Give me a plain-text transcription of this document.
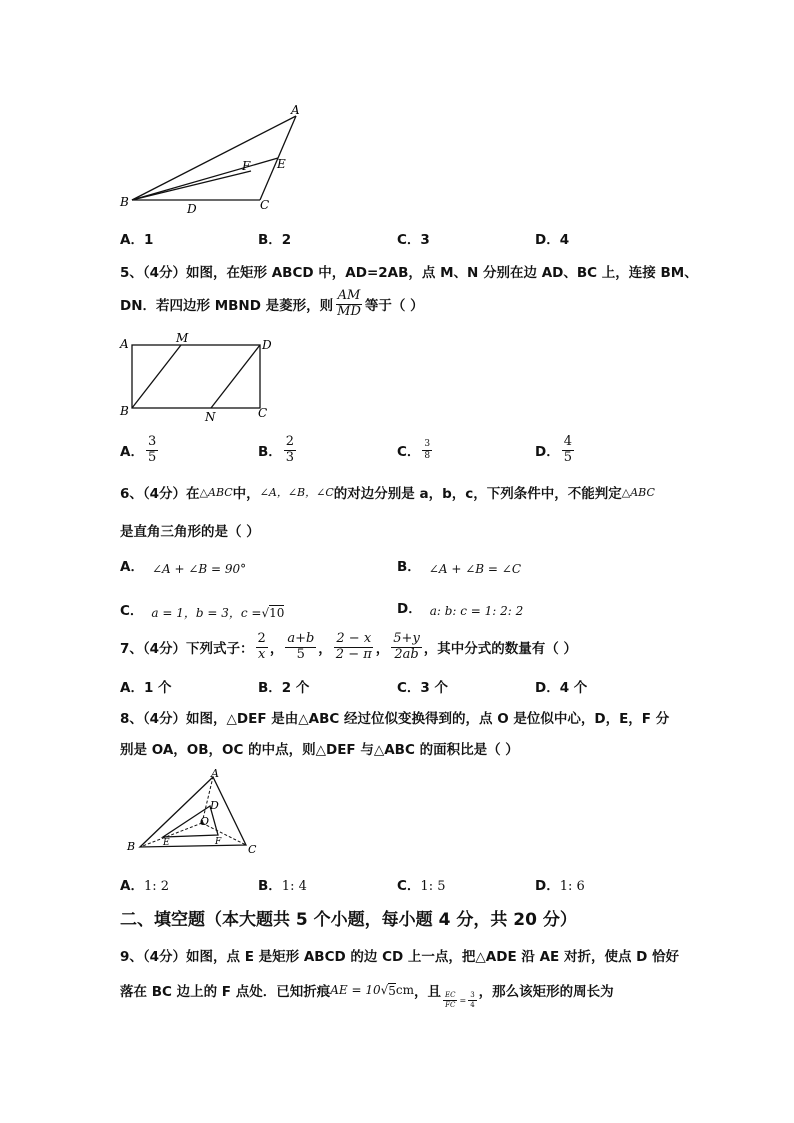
A
B	C
D
E
F
A．1	B．2	C．3	D．4
5、（4分）如图，在矩形 ABCD 中，AD=2AB，点 M、N 分别在边 AD、BC 上，连接 BM、
DN．若四边形 MBND 是菱形，则 $\frac{AM}{MD}$ 等于（ ）
A	M	D
B	N	C
A． $\frac{3}{5}$	B． $\frac{2}{3}$	C． $\frac{3}{8}$	D． $\frac{4}{5}$
6、（4分）在 △ABC 中， ∠A，∠B，∠C 的对边分别是 a，b，c，下列条件中，不能判定 △ABC
是直角三角形的是（ ）
A． ∠A + ∠B = 90°	B． ∠A + ∠B = ∠C
C． a = 1，b = 3，c = √ 10	D． a: b: c = 1: 2: 2
7、（4分）下列式子： $\frac{2}{x}$ ， $\frac{a+b}{5}$ ， $\frac{2 - x}{2 - \pi}$ ， $\frac{5+y}{2ab}$ ，其中分式的数量有（ ）
A．1 个	B．2 个	C．3 个	D．4 个
8、（4分）如图，△DEF 是由△ABC 经过位似变换得到的，点 O 是位似中心，D，E，F 分
别是 OA，OB，OC 的中点，则△DEF 与△ABC 的面积比是（ ）
A
B	C
D
E	F
O
A．1: 2	B．1: 4	C．1: 5	D．1: 6
二、填空题（本大题共 5 个小题，每小题 4 分，共 20 分）
9、（4分）如图，点 E 是矩形 ABCD 的边 CD 上一点，把△ADE 沿 AE 对折，使点 D 恰好
落在 BC 边上的 F 点处．已知折痕 AE = 10 √ 5 cm ，且 $\frac{EC}{FC} = \frac{3}{4}$ ，那么该矩形的周长为
